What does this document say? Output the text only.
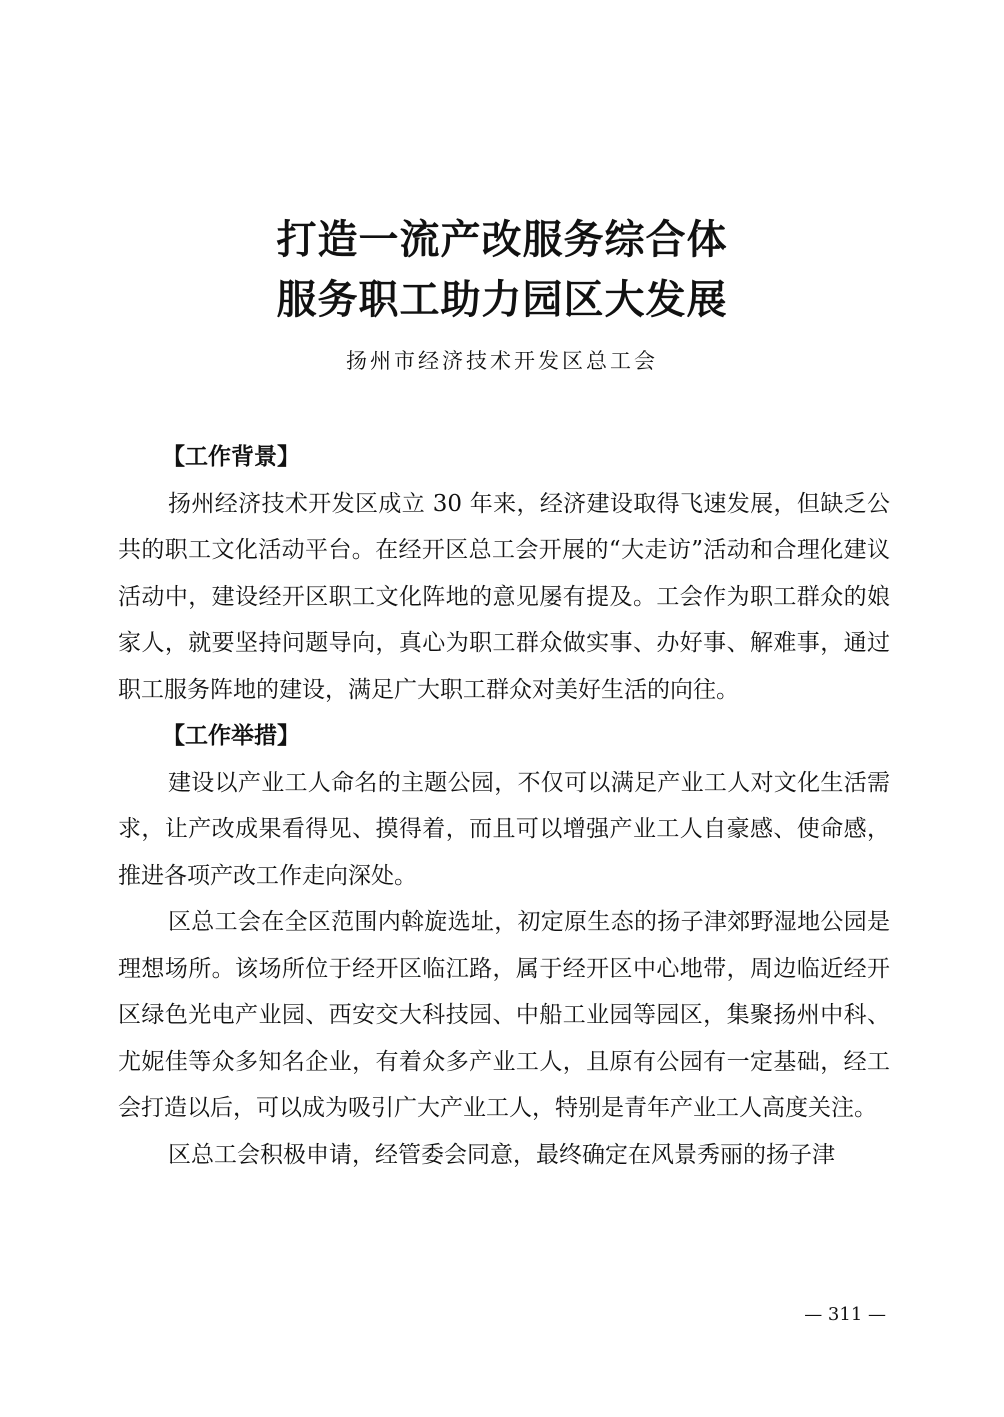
打造一流产改服务综合体
服务职工助力园区大发展
扬州市经济技术开发区总工会
【工作背景】

扬州经济技术开发区成立 30 年来，经济建设取得飞速发展，但缺乏公共的职工文化活动平台。在经开区总工会开展的“大走访”活动和合理化建议活动中，建设经开区职工文化阵地的意见屡有提及。工会作为职工群众的娘家人，就要坚持问题导向，真心为职工群众做实事、办好事、解难事，通过职工服务阵地的建设，满足广大职工群众对美好生活的向往。

【工作举措】

建设以产业工人命名的主题公园，不仅可以满足产业工人对文化生活需求，让产改成果看得见、摸得着，而且可以增强产业工人自豪感、使命感，推进各项产改工作走向深处。

区总工会在全区范围内斡旋选址，初定原生态的扬子津郊野湿地公园是理想场所。该场所位于经开区临江路，属于经开区中心地带，周边临近经开区绿色光电产业园、西安交大科技园、中船工业园等园区，集聚扬州中科、尤妮佳等众多知名企业，有着众多产业工人，且原有公园有一定基础，经工会打造以后，可以成为吸引广大产业工人，特别是青年产业工人高度关注。

区总工会积极申请，经管委会同意，最终确定在风景秀丽的扬子津

— 311 —
